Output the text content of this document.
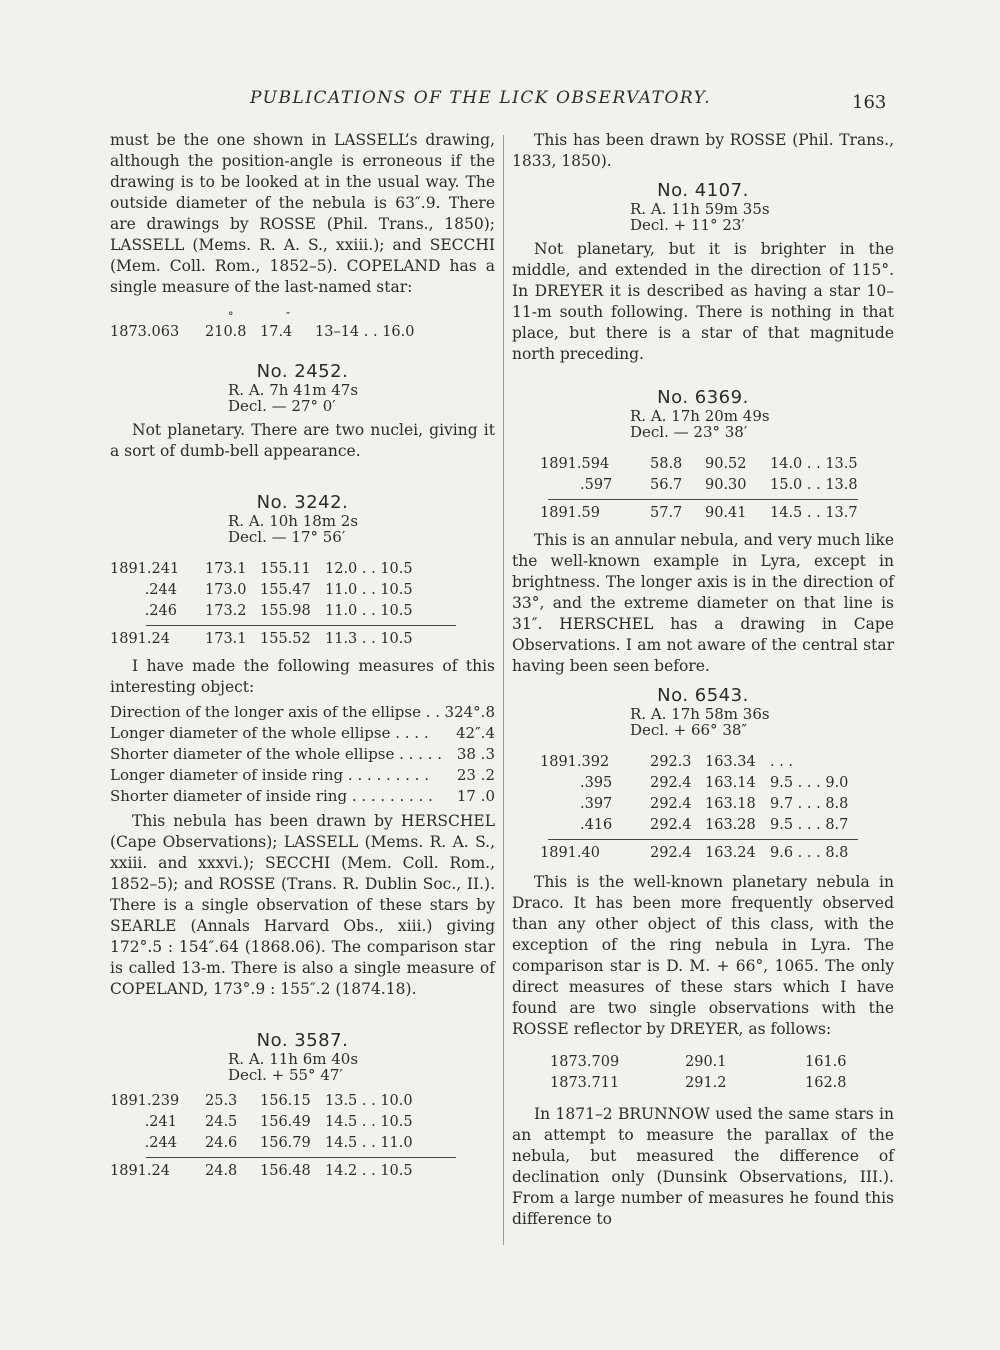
PUBLICATIONS OF THE LICK OBSERVATORY.	163

must be the one shown in LASSELL’s drawing, although the position-angle is erroneous if the drawing is to be looked at in the usual way. The outside diameter of the nebula is 63″.9. There are drawings by ROSSE (Phil. Trans., 1850); LASSELL (Mems. R. A. S., xxiii.); and SECCHI (Mem. Coll. Rom., 1852–5). COPELAND has a single measure of the last-named star:

°	″
1873.063	210.8 17.4	13–14 . . 16.0
No. 2452.
R. A. 7h 41m 47s
Decl. — 27° 0′

Not planetary. There are two nuclei, giving it a sort of dumb-bell appearance.

No. 3242.
R. A. 10h 18m 2s
Decl. — 17° 56′
1891.241	173.1 155.11 12.0 . . 10.5
.244	173.0 155.47 11.0 . . 10.5
.246	173.2 155.98 11.0 . . 10.5
1891.24	173.1 155.52 11.3 . . 10.5

I have made the following measures of this interesting object:

Direction of the longer axis of the ellipse . . 324°.8
Longer diameter of the whole ellipse . . . . 42″.4
Shorter diameter of the whole ellipse . . . . . 38 .3
Longer diameter of inside ring . . . . . . . . . 23 .2
Shorter diameter of inside ring . . . . . . . . . 17 .0

This nebula has been drawn by HERSCHEL (Cape Observations); LASSELL (Mems. R. A. S., xxiii. and xxxvi.); SECCHI (Mem. Coll. Rom., 1852–5); and ROSSE (Trans. R. Dublin Soc., II.). There is a single observation of these stars by SEARLE (Annals Harvard Obs., xiii.) giving 172°.5 : 154″.64 (1868.06). The comparison star is called 13-m. There is also a single measure of COPELAND, 173°.9 : 155″.2 (1874.18).

No. 3587.
R. A. 11h 6m 40s
Decl. + 55° 47′
1891.239	25.3	156.15 13.5 . . 10.0
.241	24.5	156.49 14.5 . . 10.5
.244	24.6	156.79 14.5 . . 11.0
1891.24	24.8	156.48 14.2 . . 10.5

This has been drawn by ROSSE (Phil. Trans., 1833, 1850).

No. 4107.
R. A. 11h 59m 35s
Decl. + 11° 23′

Not planetary, but it is brighter in the middle, and extended in the direction of 115°. In DREYER it is described as having a star 10–11-m south following. There is nothing in that place, but there is a star of that magnitude north preceding.

No. 6369.
R. A. 17h 20m 49s
Decl. — 23° 38′
1891.594	58.8	90.52	14.0 . . 13.5
.597	56.7	90.30	15.0 . . 13.8
1891.59	57.7	90.41	14.5 . . 13.7

This is an annular nebula, and very much like the well-known example in Lyra, except in brightness. The longer axis is in the direction of 33°, and the extreme diameter on that line is 31″. HERSCHEL has a drawing in Cape Observations. I am not aware of the central star having been seen before.

No. 6543.
R. A. 17h 58m 36s
Decl. + 66° 38″
1891.392	292.3 163.34 . . .
.395	292.4 163.14 9.5 . . . 9.0
.397	292.4 163.18 9.7 . . . 8.8
.416	292.4 163.28 9.5 . . . 8.7
1891.40	292.4 163.24 9.6 . . . 8.8

This is the well-known planetary nebula in Draco. It has been more frequently observed than any other object of this class, with the exception of the ring nebula in Lyra. The comparison star is D. M. + 66°, 1065. The only direct measures of these stars which I have found are two single observations with the ROSSE reflector by DREYER, as follows:

1873.709	290.1	161.6
1873.711	291.2	162.8

In 1871–2 BRUNNOW used the same stars in an attempt to measure the parallax of the nebula, but measured the difference of declination only (Dunsink Observations, III.). From a large number of measures he found this difference to
